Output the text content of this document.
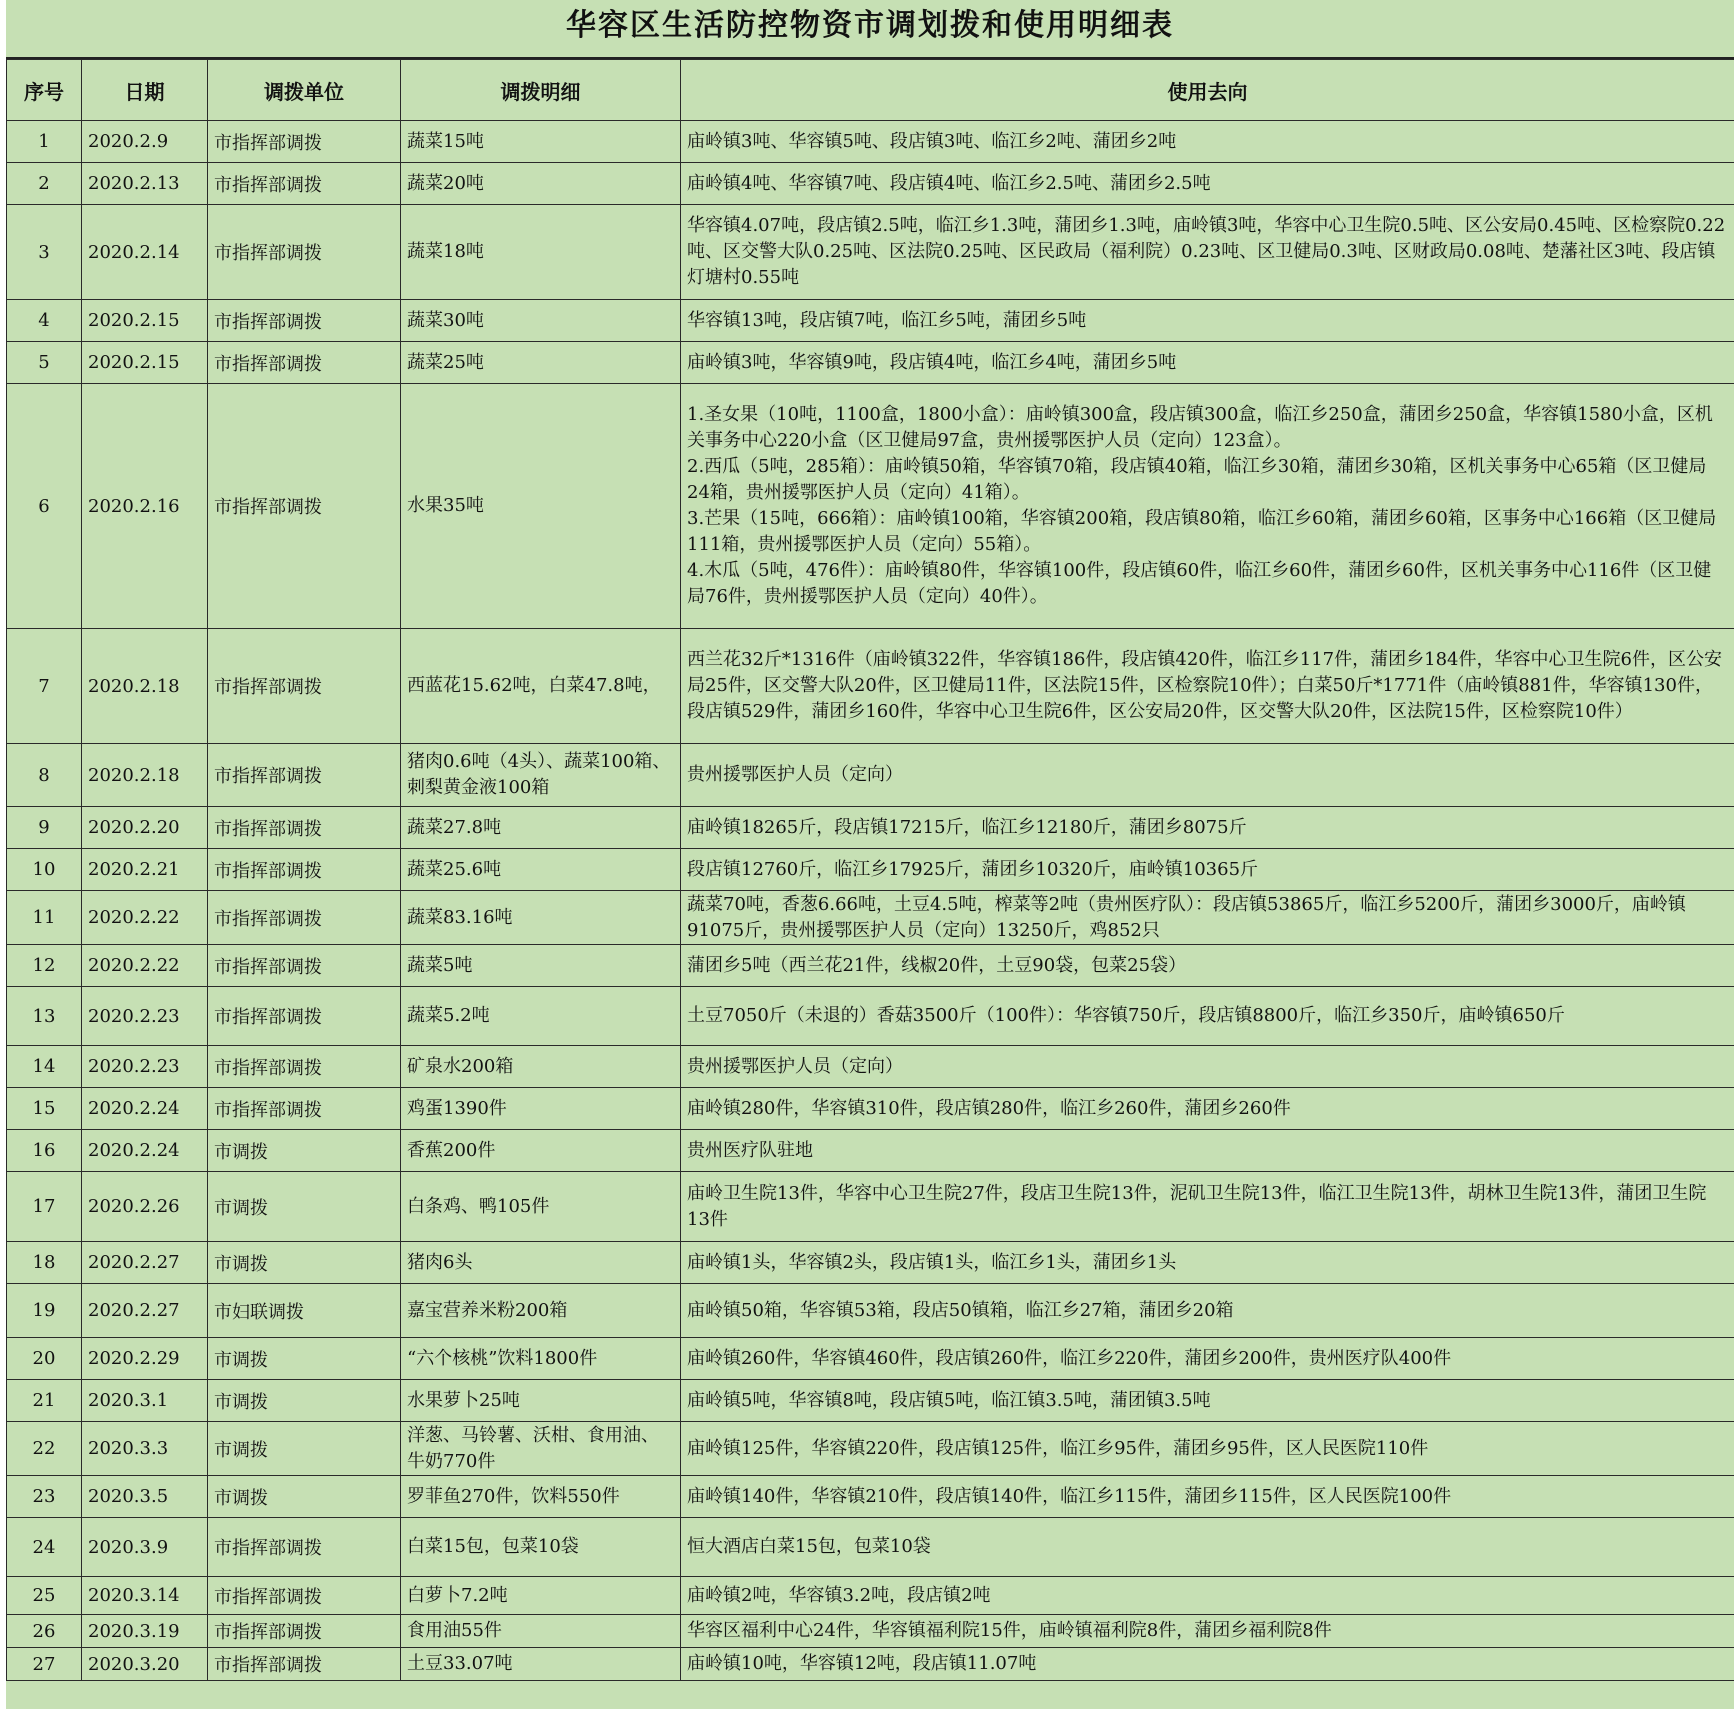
华容区生活防控物资市调划拨和使用明细表
序号	日期	调拨单位	调拨明细	使用去向
1	2020.2.9	市指挥部调拨	蔬菜15吨	庙岭镇3吨、华容镇5吨、段店镇3吨、临江乡2吨、蒲团乡2吨

2	2020.2.13	市指挥部调拨	蔬菜20吨	庙岭镇4吨、华容镇7吨、段店镇4吨、临江乡2.5吨、蒲团乡2.5吨

3	2020.2.14	市指挥部调拨	蔬菜18吨	华容镇4.07吨，段店镇2.5吨，临江乡1.3吨，蒲团乡1.3吨，庙岭镇3吨，华容中心卫生院0.5吨、区公安局0.45吨、区检察院0.22吨、区交警大队0.25吨、区法院0.25吨、区民政局（福利院）0.23吨、区卫健局0.3吨、区财政局0.08吨、楚藩社区3吨、段店镇灯塘村0.55吨

4	2020.2.15	市指挥部调拨	蔬菜30吨	华容镇13吨，段店镇7吨，临江乡5吨，蒲团乡5吨

5	2020.2.15	市指挥部调拨	蔬菜25吨	庙岭镇3吨，华容镇9吨，段店镇4吨，临江乡4吨，蒲团乡5吨

6	2020.2.16	市指挥部调拨	水果35吨	1.圣女果（10吨，1100盒，1800小盒）：庙岭镇300盒，段店镇300盒，临江乡250盒，蒲团乡250盒，华容镇1580小盒，区机关事务中心220小盒（区卫健局97盒，贵州援鄂医护人员（定向）123盒）。
2.西瓜（5吨，285箱）：庙岭镇50箱，华容镇70箱，段店镇40箱，临江乡30箱，蒲团乡30箱，区机关事务中心65箱（区卫健局24箱，贵州援鄂医护人员（定向）41箱）。
3.芒果（15吨，666箱）：庙岭镇100箱，华容镇200箱，段店镇80箱，临江乡60箱，蒲团乡60箱，区事务中心166箱（区卫健局111箱，贵州援鄂医护人员（定向）55箱）。
4.木瓜（5吨，476件）：庙岭镇80件，华容镇100件，段店镇60件，临江乡60件，蒲团乡60件，区机关事务中心116件（区卫健局76件，贵州援鄂医护人员（定向）40件）。

7	2020.2.18	市指挥部调拨	西蓝花15.62吨，白菜47.8吨，	西兰花32斤*1316件（庙岭镇322件，华容镇186件，段店镇420件，临江乡117件，蒲团乡184件，华容中心卫生院6件，区公安局25件，区交警大队20件，区卫健局11件，区法院15件，区检察院10件）；白菜50斤*1771件（庙岭镇881件，华容镇130件，段店镇529件，蒲团乡160件，华容中心卫生院6件，区公安局20件，区交警大队20件，区法院15件，区检察院10件）

8	2020.2.18	市指挥部调拨	猪肉0.6吨（4头）、蔬菜100箱、刺梨黄金液100箱	贵州援鄂医护人员（定向）

9	2020.2.20	市指挥部调拨	蔬菜27.8吨	庙岭镇18265斤，段店镇17215斤，临江乡12180斤，蒲团乡8075斤

10	2020.2.21	市指挥部调拨	蔬菜25.6吨	段店镇12760斤，临江乡17925斤，蒲团乡10320斤，庙岭镇10365斤

11	2020.2.22	市指挥部调拨	蔬菜83.16吨	蔬菜70吨，香葱6.66吨，土豆4.5吨，榨菜等2吨（贵州医疗队）：段店镇53865斤，临江乡5200斤，蒲团乡3000斤，庙岭镇91075斤，贵州援鄂医护人员（定向）13250斤，鸡852只

12	2020.2.22	市指挥部调拨	蔬菜5吨	蒲团乡5吨（西兰花21件，线椒20件，土豆90袋，包菜25袋）

13	2020.2.23	市指挥部调拨	蔬菜5.2吨	土豆7050斤（未退的）香菇3500斤（100件）：华容镇750斤，段店镇8800斤，临江乡350斤，庙岭镇650斤

14	2020.2.23	市指挥部调拨	矿泉水200箱	贵州援鄂医护人员（定向）

15	2020.2.24	市指挥部调拨	鸡蛋1390件	庙岭镇280件，华容镇310件，段店镇280件，临江乡260件，蒲团乡260件

16	2020.2.24	市调拨	香蕉200件	贵州医疗队驻地

17	2020.2.26	市调拨	白条鸡、鸭105件	庙岭卫生院13件，华容中心卫生院27件，段店卫生院13件，泥矶卫生院13件，临江卫生院13件，胡林卫生院13件，蒲团卫生院13件

18	2020.2.27	市调拨	猪肉6头	庙岭镇1头，华容镇2头，段店镇1头，临江乡1头，蒲团乡1头

19	2020.2.27	市妇联调拨	嘉宝营养米粉200箱	庙岭镇50箱，华容镇53箱，段店50镇箱，临江乡27箱，蒲团乡20箱

20	2020.2.29	市调拨	“六个核桃”饮料1800件	庙岭镇260件，华容镇460件，段店镇260件，临江乡220件，蒲团乡200件，贵州医疗队400件

21	2020.3.1	市调拨	水果萝卜25吨	庙岭镇5吨，华容镇8吨，段店镇5吨，临江镇3.5吨，蒲团镇3.5吨

22	2020.3.3	市调拨	洋葱、马铃薯、沃柑、食用油、牛奶770件	庙岭镇125件，华容镇220件，段店镇125件，临江乡95件，蒲团乡95件，区人民医院110件

23	2020.3.5	市调拨	罗菲鱼270件，饮料550件	庙岭镇140件，华容镇210件，段店镇140件，临江乡115件，蒲团乡115件，区人民医院100件

24	2020.3.9	市指挥部调拨	白菜15包，包菜10袋	恒大酒店白菜15包，包菜10袋

25	2020.3.14	市指挥部调拨	白萝卜7.2吨	庙岭镇2吨，华容镇3.2吨，段店镇2吨

26	2020.3.19	市指挥部调拨	食用油55件	华容区福利中心24件，华容镇福利院15件，庙岭镇福利院8件，蒲团乡福利院8件

27	2020.3.20	市指挥部调拨	土豆33.07吨	庙岭镇10吨，华容镇12吨，段店镇11.07吨
